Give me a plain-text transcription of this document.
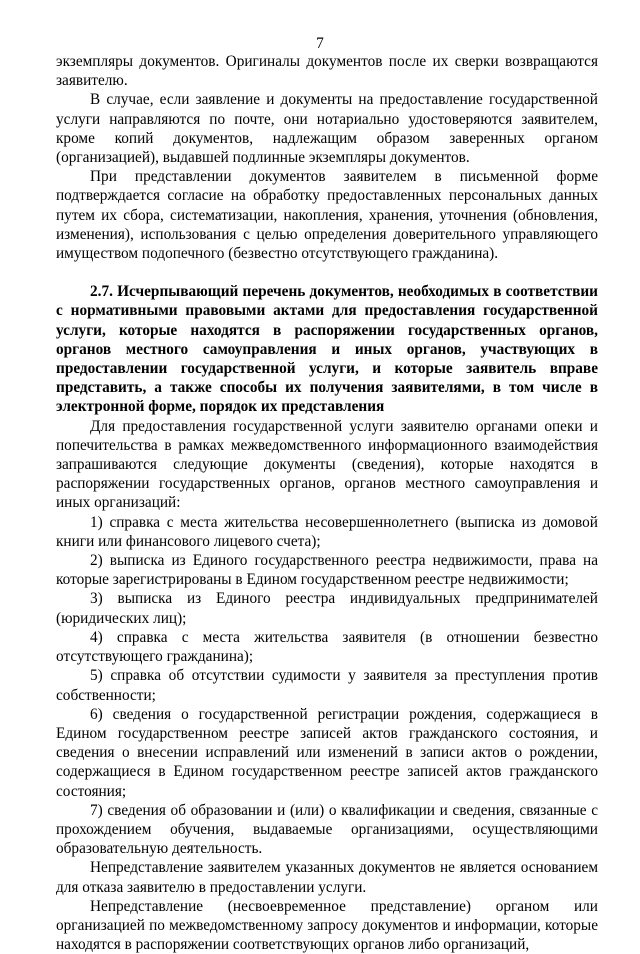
7

экземпляры документов. Оригиналы документов после их сверки возвращаются заявителю.

В случае, если заявление и документы на предоставление государственной услуги направляются по почте, они нотариально удостоверяются заявителем, кроме копий документов, надлежащим образом заверенных органом (организацией), выдавшей подлинные экземпляры документов.

При представлении документов заявителем в письменной форме подтверждается согласие на обработку предоставленных персональных данных путем их сбора, систематизации, накопления, хранения, уточнения (обновления, изменения), использования с целью определения доверительного управляющего имуществом подопечного (безвестно отсутствующего гражданина).

2.7. Исчерпывающий перечень документов, необходимых в соответствии с нормативными правовыми актами для предоставления государственной услуги, которые находятся в распоряжении государственных органов, органов местного самоуправления и иных органов, участвующих в предоставлении государственной услуги, и которые заявитель вправе представить, а также способы их получения заявителями, в том числе в электронной форме, порядок их представления

Для предоставления государственной услуги заявителю органами опеки и попечительства в рамках межведомственного информационного взаимодействия запрашиваются следующие документы (сведения), которые находятся в распоряжении государственных органов, органов местного самоуправления и иных организаций:

1) справка с места жительства несовершеннолетнего (выписка из домовой книги или финансового лицевого счета);

2) выписка из Единого государственного реестра недвижимости, права на которые зарегистрированы в Едином государственном реестре недвижимости;

3) выписка из Единого реестра индивидуальных предпринимателей (юридических лиц);

4) справка с места жительства заявителя (в отношении безвестно отсутствующего гражданина);

5) справка об отсутствии судимости у заявителя за преступления против собственности;

6) сведения о государственной регистрации рождения, содержащиеся в Едином государственном реестре записей актов гражданского состояния, и сведения о внесении исправлений или изменений в записи актов о рождении, содержащиеся в Едином государственном реестре записей актов гражданского состояния;

7) сведения об образовании и (или) о квалификации и сведения, связанные с прохождением обучения, выдаваемые организациями, осуществляющими образовательную деятельность.

Непредставление заявителем указанных документов не является основанием для отказа заявителю в предоставлении услуги.

Непредставление (несвоевременное представление) органом или организацией по межведомственному запросу документов и информации, которые находятся в распоряжении соответствующих органов либо организаций,
